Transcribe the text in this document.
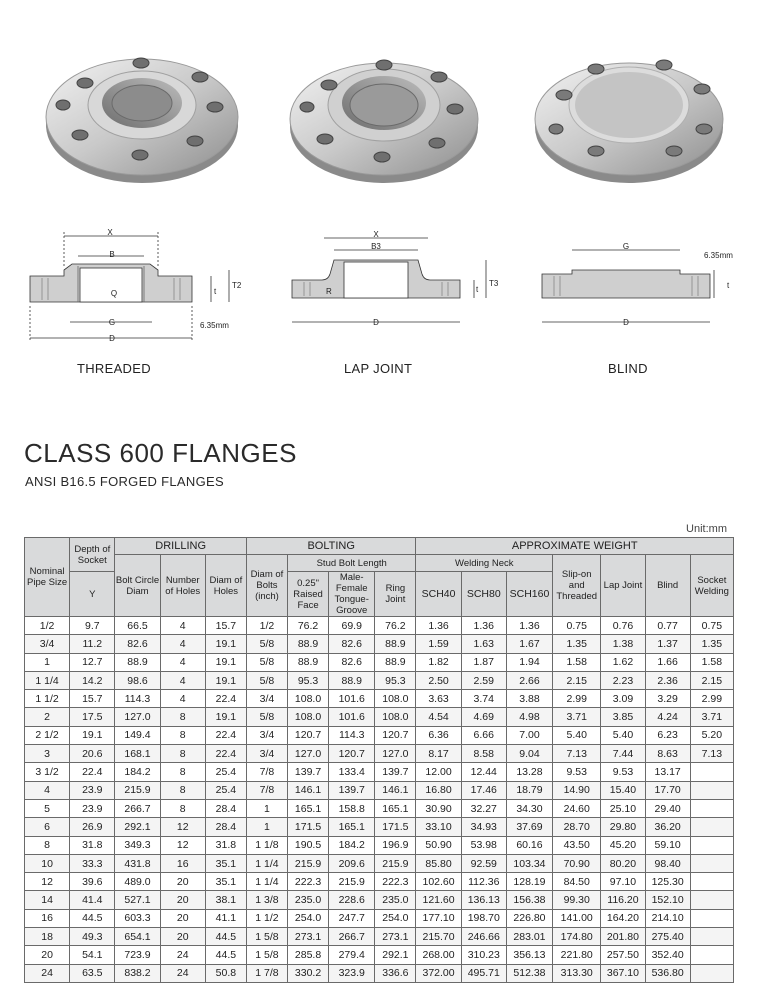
X
B
Q
G
D
T2
t
6.35mm
X
B3
R
T3
t
D
G
6.35mm
t
D
THREADED	LAP JOINT	BLIND
CLASS 600 FLANGES
ANSI B16.5 FORGED FLANGES
Unit:mm
Nominal Pipe Size	Depth of Socket	DRILLING			BOLTING				APPROXIMATE WEIGHT						
		Bolt Circle Diam	Number of Holes	Diam of Holes	Diam of Bolts (inch)	Stud Bolt Length			Welding Neck			Slip-on and Threaded	Lap Joint	Blind	Socket Welding
						0.25" Raised Face	Male-Female Tongue-Groove	Ring Joint							
	Y								SCH40	SCH80	SCH160				
1/2	9.7	66.5	4	15.7	1/2	76.2	69.9	76.2	1.36	1.36	1.36	0.75	0.76	0.77	0.75
3/4	11.2	82.6	4	19.1	5/8	88.9	82.6	88.9	1.59	1.63	1.67	1.35	1.38	1.37	1.35
1	12.7	88.9	4	19.1	5/8	88.9	82.6	88.9	1.82	1.87	1.94	1.58	1.62	1.66	1.58
1 1/4	14.2	98.6	4	19.1	5/8	95.3	88.9	95.3	2.50	2.59	2.66	2.15	2.23	2.36	2.15
1 1/2	15.7	114.3	4	22.4	3/4	108.0	101.6	108.0	3.63	3.74	3.88	2.99	3.09	3.29	2.99
2	17.5	127.0	8	19.1	5/8	108.0	101.6	108.0	4.54	4.69	4.98	3.71	3.85	4.24	3.71
2 1/2	19.1	149.4	8	22.4	3/4	120.7	114.3	120.7	6.36	6.66	7.00	5.40	5.40	6.23	5.20
3	20.6	168.1	8	22.4	3/4	127.0	120.7	127.0	8.17	8.58	9.04	7.13	7.44	8.63	7.13
3 1/2	22.4	184.2	8	25.4	7/8	139.7	133.4	139.7	12.00	12.44	13.28	9.53	9.53	13.17	
4	23.9	215.9	8	25.4	7/8	146.1	139.7	146.1	16.80	17.46	18.79	14.90	15.40	17.70	
5	23.9	266.7	8	28.4	1	165.1	158.8	165.1	30.90	32.27	34.30	24.60	25.10	29.40	
6	26.9	292.1	12	28.4	1	171.5	165.1	171.5	33.10	34.93	37.69	28.70	29.80	36.20	
8	31.8	349.3	12	31.8	1 1/8	190.5	184.2	196.9	50.90	53.98	60.16	43.50	45.20	59.10	
10	33.3	431.8	16	35.1	1 1/4	215.9	209.6	215.9	85.80	92.59	103.34	70.90	80.20	98.40	
12	39.6	489.0	20	35.1	1 1/4	222.3	215.9	222.3	102.60	112.36	128.19	84.50	97.10	125.30	
14	41.4	527.1	20	38.1	1 3/8	235.0	228.6	235.0	121.60	136.13	156.38	99.30	116.20	152.10	
16	44.5	603.3	20	41.1	1 1/2	254.0	247.7	254.0	177.10	198.70	226.80	141.00	164.20	214.10	
18	49.3	654.1	20	44.5	1 5/8	273.1	266.7	273.1	215.70	246.66	283.01	174.80	201.80	275.40	
20	54.1	723.9	24	44.5	1 5/8	285.8	279.4	292.1	268.00	310.23	356.13	221.80	257.50	352.40	
24	63.5	838.2	24	50.8	1 7/8	330.2	323.9	336.6	372.00	495.71	512.38	313.30	367.10	536.80	
